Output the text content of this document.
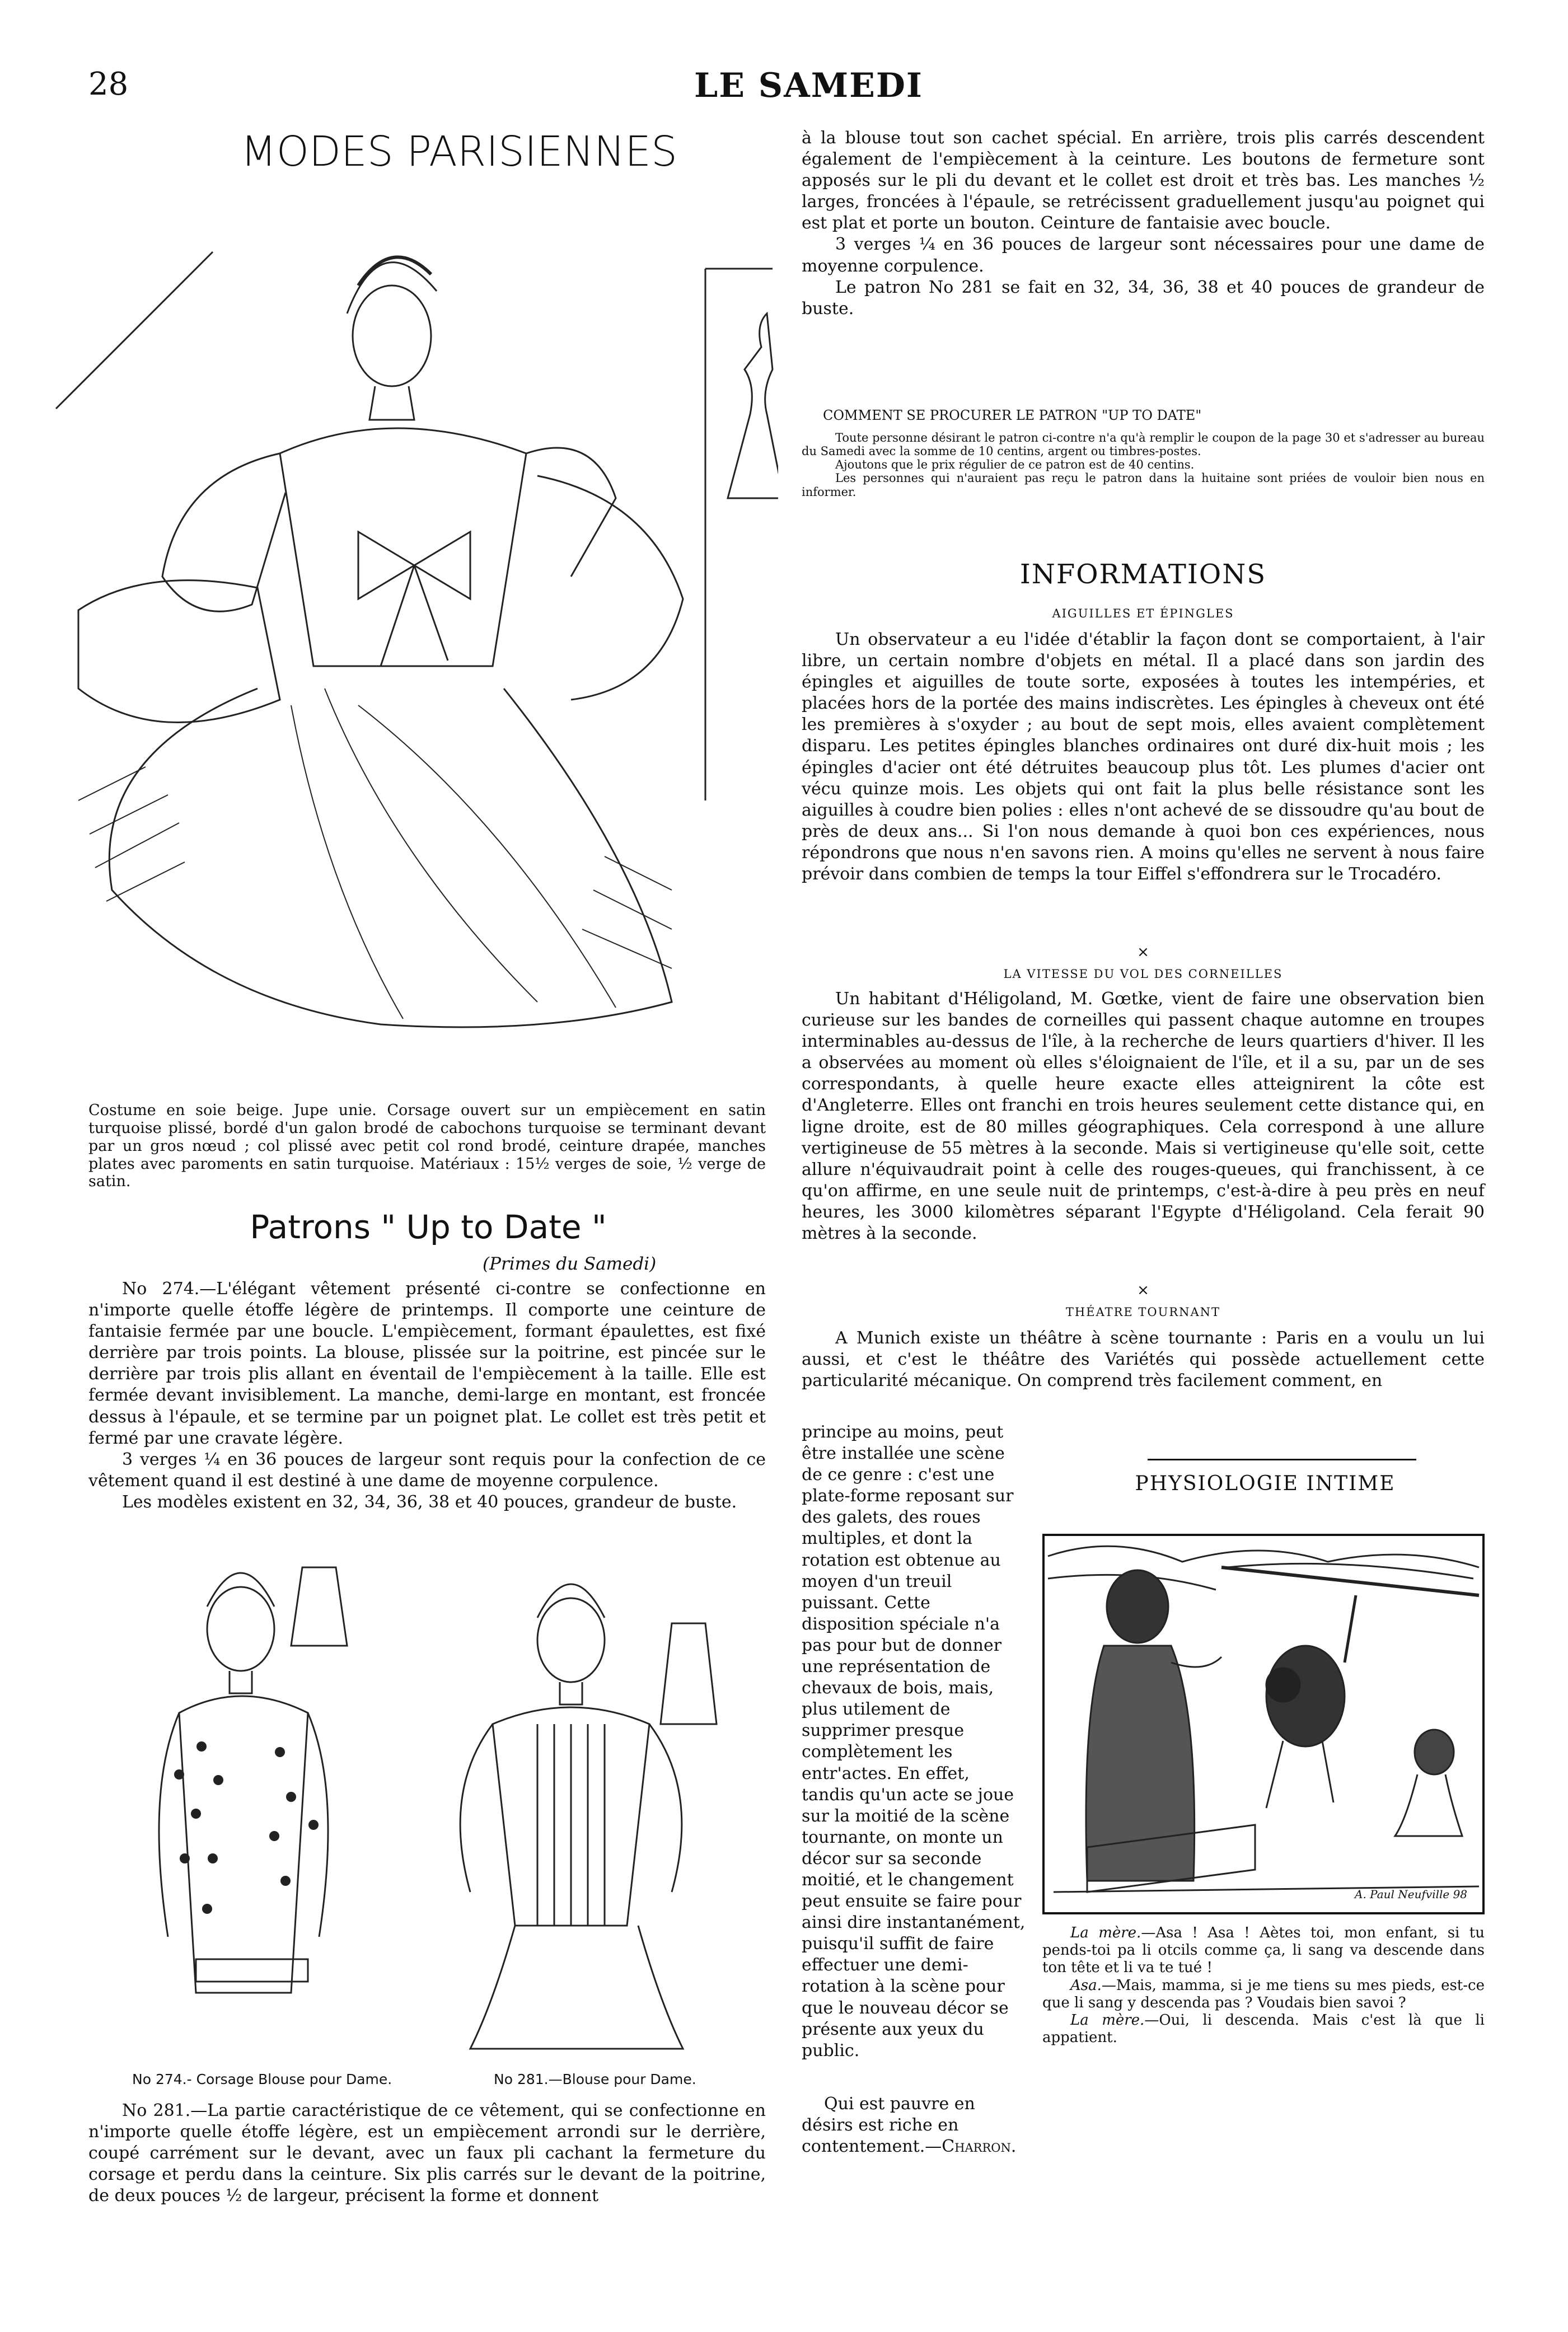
28	LE SAMEDI
MODES PARISIENNES

Costume en soie beige. Jupe unie. Corsage ouvert sur un empiècement en satin turquoise plissé, bordé d'un galon brodé de cabochons turquoise se terminant devant par un gros nœud ; col plissé avec petit col rond brodé, ceinture drapée, manches plates avec paroments en satin turquoise. Matériaux : 15½ verges de soie, ½ verge de satin.

Patrons " Up to Date "
(Primes du Samedi)

No 274.—L'élégant vêtement présenté ci-contre se confectionne en n'importe quelle étoffe légère de printemps. Il comporte une ceinture de fantaisie fermée par une boucle. L'empiècement, formant épaulettes, est fixé derrière par trois points. La blouse, plissée sur la poitrine, est pincée sur le derrière par trois plis allant en éventail de l'empiècement à la taille. Elle est fermée devant invisiblement. La manche, demi-large en montant, est froncée dessus à l'épaule, et se termine par un poignet plat. Le collet est très petit et fermé par une cravate légère.

3 verges ¼ en 36 pouces de largeur sont requis pour la confection de ce vêtement quand il est destiné à une dame de moyenne corpulence.

Les modèles existent en 32, 34, 36, 38 et 40 pouces, grandeur de buste.

No 274.- Corsage Blouse pour Dame.	No 281.—Blouse pour Dame.

No 281.—La partie caractéristique de ce vêtement, qui se confectionne en n'importe quelle étoffe légère, est un empiècement arrondi sur le derrière, coupé carrément sur le devant, avec un faux pli cachant la fermeture du corsage et perdu dans la ceinture. Six plis carrés sur le devant de la poitrine, de deux pouces ½ de largeur, précisent la forme et donnent

à la blouse tout son cachet spécial. En arrière, trois plis carrés descendent également de l'empiècement à la ceinture. Les boutons de fermeture sont apposés sur le pli du devant et le collet est droit et très bas. Les manches ½ larges, froncées à l'épaule, se retrécissent graduellement jusqu'au poignet qui est plat et porte un bouton. Ceinture de fantaisie avec boucle.

3 verges ¼ en 36 pouces de largeur sont nécessaires pour une dame de moyenne corpulence.

Le patron No 281 se fait en 32, 34, 36, 38 et 40 pouces de grandeur de buste.

COMMENT SE PROCURER LE PATRON "UP TO DATE"

Toute personne désirant le patron ci-contre n'a qu'à remplir le coupon de la page 30 et s'adresser au bureau du Samedi avec la somme de 10 centins, argent ou timbres-postes.

Ajoutons que le prix régulier de ce patron est de 40 centins.

Les personnes qui n'auraient pas reçu le patron dans la huitaine sont priées de vouloir bien nous en informer.

INFORMATIONS
AIGUILLES ET ÉPINGLES

Un observateur a eu l'idée d'établir la façon dont se comportaient, à l'air libre, un certain nombre d'objets en métal. Il a placé dans son jardin des épingles et aiguilles de toute sorte, exposées à toutes les intempéries, et placées hors de la portée des mains indiscrètes. Les épingles à cheveux ont été les premières à s'oxyder ; au bout de sept mois, elles avaient complètement disparu. Les petites épingles blanches ordinaires ont duré dix-huit mois ; les épingles d'acier ont été détruites beaucoup plus tôt. Les plumes d'acier ont vécu quinze mois. Les objets qui ont fait la plus belle résistance sont les aiguilles à coudre bien polies : elles n'ont achevé de se dissoudre qu'au bout de près de deux ans... Si l'on nous demande à quoi bon ces expériences, nous répondrons que nous n'en savons rien. A moins qu'elles ne servent à nous faire prévoir dans combien de temps la tour Eiffel s'effondrera sur le Trocadéro.

×
LA VITESSE DU VOL DES CORNEILLES

Un habitant d'Héligoland, M. Gœtke, vient de faire une observation bien curieuse sur les bandes de corneilles qui passent chaque automne en troupes interminables au-dessus de l'île, à la recherche de leurs quartiers d'hiver. Il les a observées au moment où elles s'éloignaient de l'île, et il a su, par un de ses correspondants, à quelle heure exacte elles atteignirent la côte est d'Angleterre. Elles ont franchi en trois heures seulement cette distance qui, en ligne droite, est de 80 milles géographiques. Cela correspond à une allure vertigineuse de 55 mètres à la seconde. Mais si vertigineuse qu'elle soit, cette allure n'équivaudrait point à celle des rouges-queues, qui franchissent, à ce qu'on affirme, en une seule nuit de printemps, c'est-à-dire à peu près en neuf heures, les 3000 kilomètres séparant l'Egypte d'Héligoland. Cela ferait 90 mètres à la seconde.

×
THÉATRE TOURNANT

A Munich existe un théâtre à scène tournante : Paris en a voulu un lui aussi, et c'est le théâtre des Variétés qui possède actuellement cette particularité mécanique. On comprend très facilement comment, en

principe au moins, peut être installée une scène de ce genre : c'est une plate-forme reposant sur des galets, des roues multiples, et dont la rotation est obtenue au moyen d'un treuil puissant. Cette disposition spéciale n'a pas pour but de donner une représentation de chevaux de bois, mais, plus utilement de supprimer presque complètement les entr'actes. En effet, tandis qu'un acte se joue sur la moitié de la scène tournante, on monte un décor sur sa seconde moitié, et le changement peut ensuite se faire pour ainsi dire instantanément, puisqu'il suffit de faire effectuer une demi-rotation à la scène pour que le nouveau décor se présente aux yeux du public.

Qui est pauvre en désirs est riche en contentement.—Charron.

PHYSIOLOGIE INTIME
A. Paul Neufville 98

La mère.—Asa ! Asa ! Aètes toi, mon enfant, si tu pends-toi pa li otcils comme ça, li sang va descende dans ton tête et li va te tué !

Asa.—Mais, mamma, si je me tiens su mes pieds, est-ce que li sang y descenda pas ? Voudais bien savoi ?

La mère.—Oui, li descenda. Mais c'est là que li appatient.
